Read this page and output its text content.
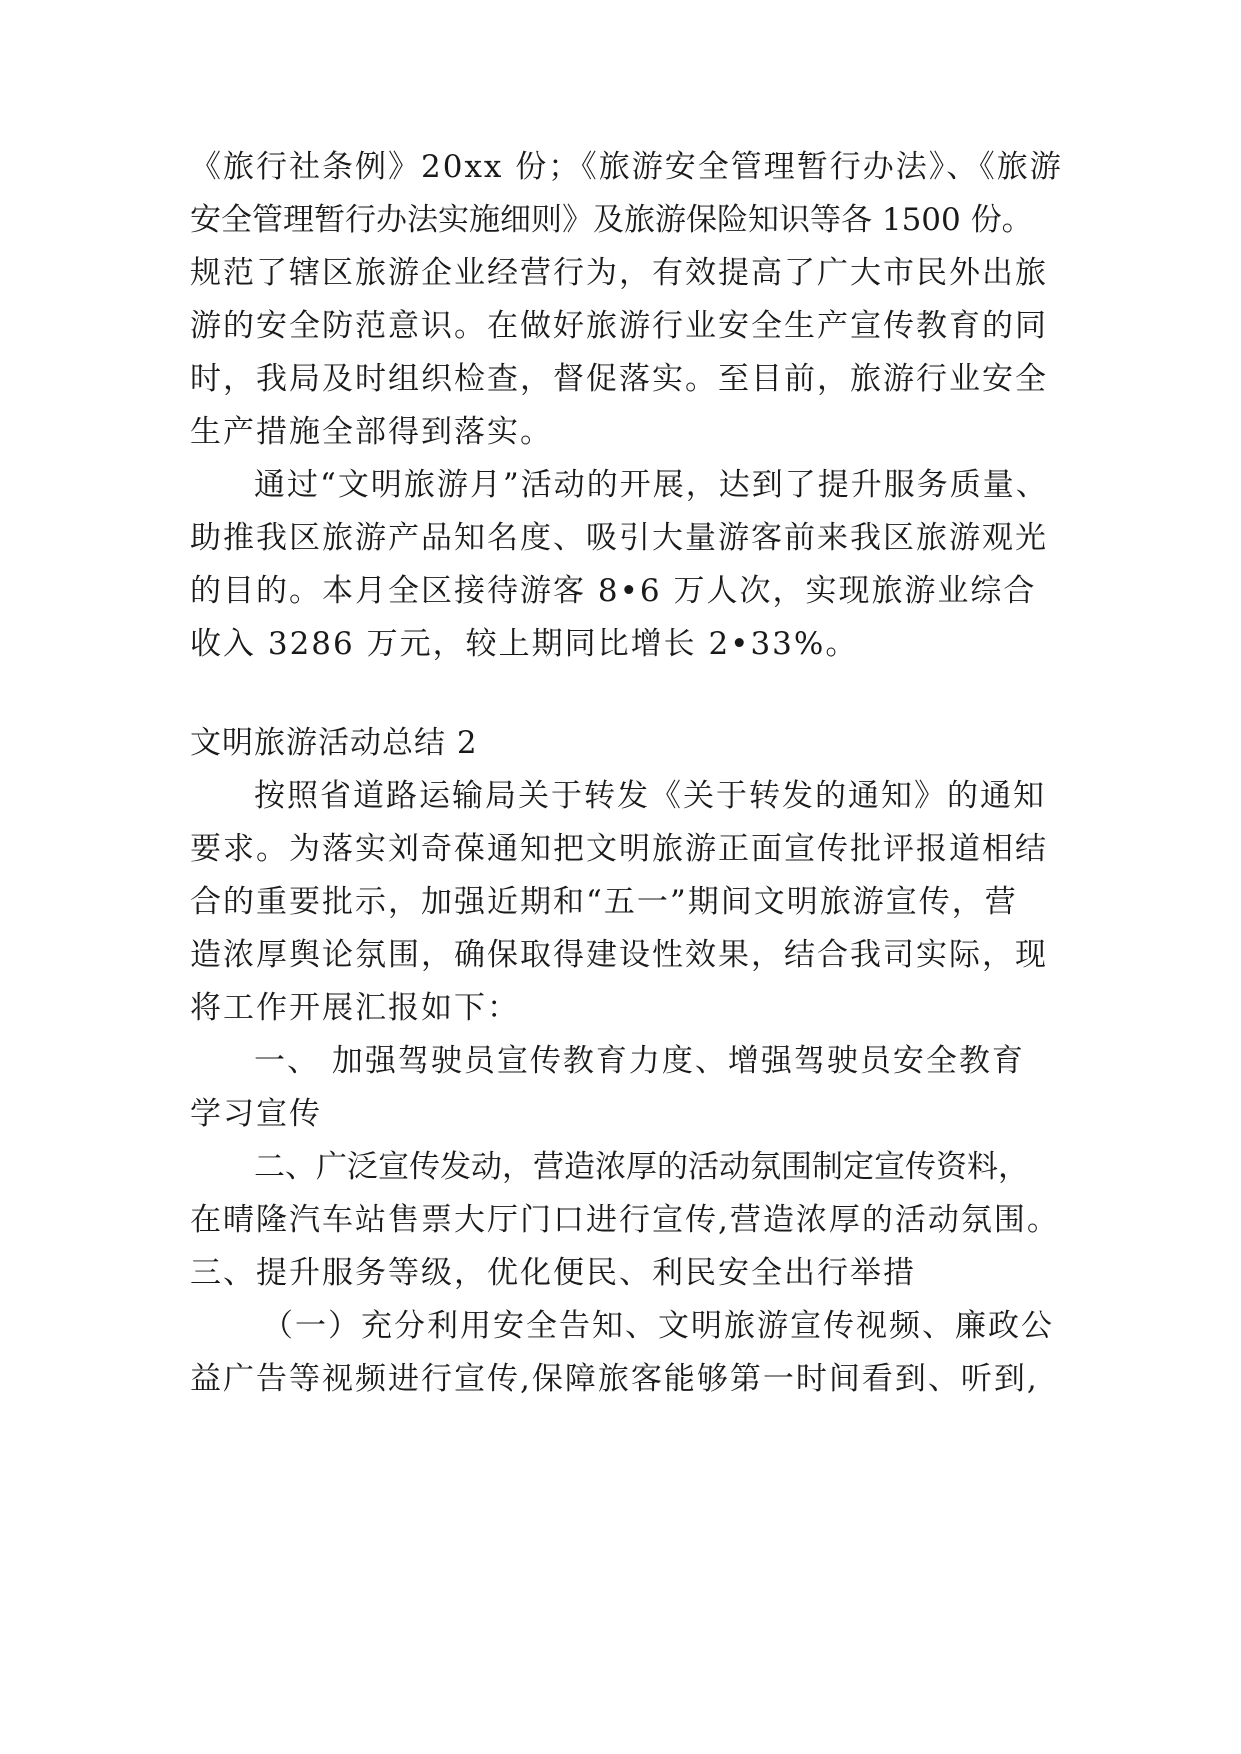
《旅行社条例》20xx 份；《旅游安全管理暂行办法》、《旅游

安全管理暂行办法实施细则》及旅游保险知识等各 1500 份。

规范了辖区旅游企业经营行为，有效提高了广大市民外出旅

游的安全防范意识。在做好旅游行业安全生产宣传教育的同

时，我局及时组织检查，督促落实。至目前，旅游行业安全

生产措施全部得到落实。

通过“文明旅游月”活动的开展，达到了提升服务质量、

助推我区旅游产品知名度、吸引大量游客前来我区旅游观光

的目的。本月全区接待游客 8•6 万人次，实现旅游业综合

收入 3286 万元，较上期同比增长 2•33%。

文明旅游活动总结 2

按照省道路运输局关于转发《关于转发的通知》的通知

要求。为落实刘奇葆通知把文明旅游正面宣传批评报道相结

合的重要批示，加强近期和“五一”期间文明旅游宣传，营

造浓厚舆论氛围，确保取得建设性效果，结合我司实际，现

将工作开展汇报如下：

一、 加强驾驶员宣传教育力度、增强驾驶员安全教育

学习宣传

二、广泛宣传发动，营造浓厚的活动氛围制定宣传资料，

在晴隆汽车站售票大厅门口进行宣传,营造浓厚的活动氛围。

三、提升服务等级，优化便民、利民安全出行举措

（一）充分利用安全告知、文明旅游宣传视频、廉政公

益广告等视频进行宣传,保障旅客能够第一时间看到、听到,
